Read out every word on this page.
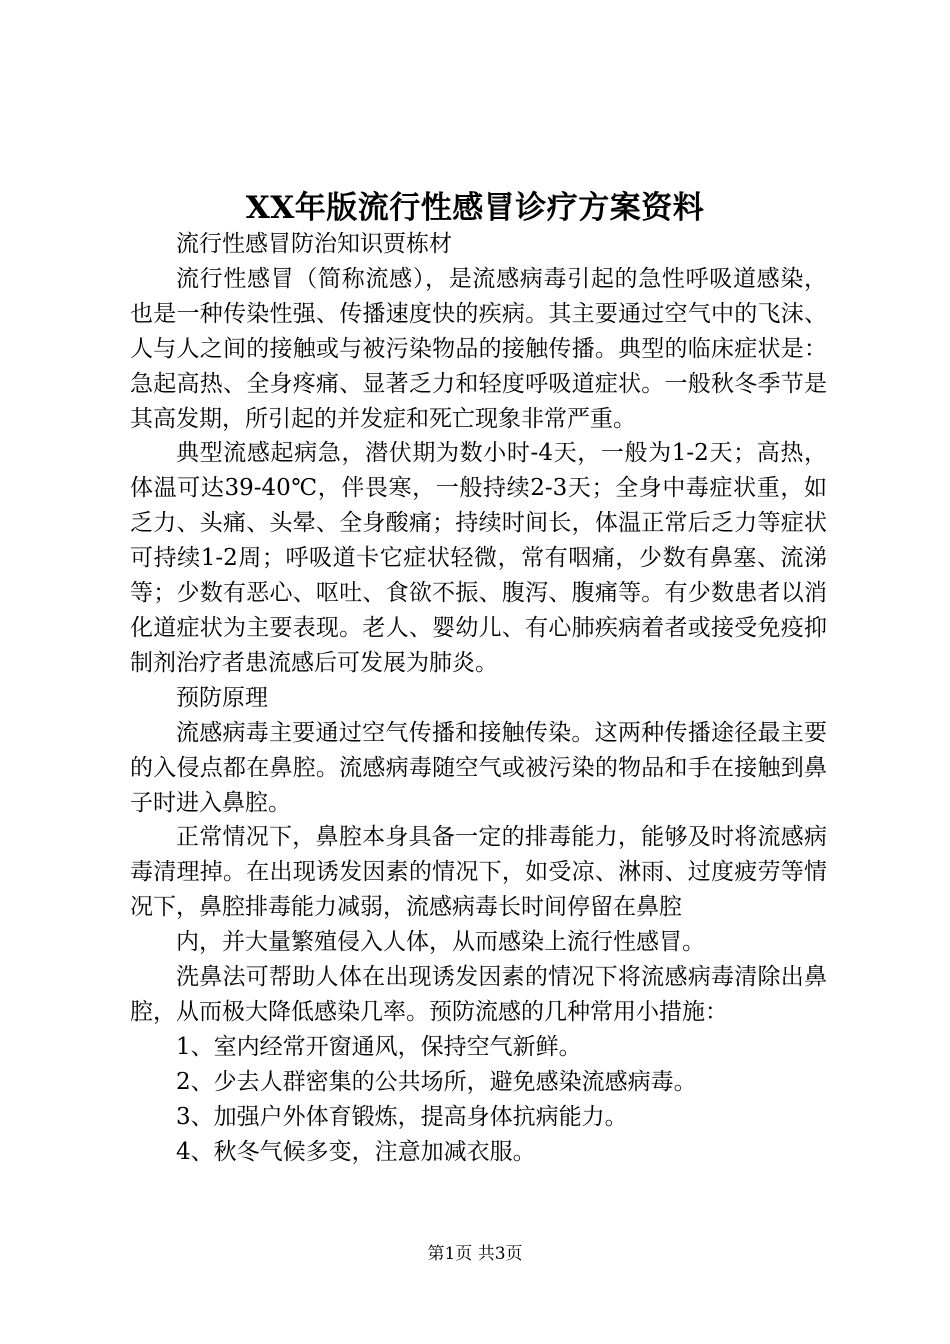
XX年版流行性感冒诊疗方案资料

流行性感冒防治知识贾栋材

流行性感冒（简称流感），是流感病毒引起的急性呼吸道感染，也是一种传染性强、传播速度快的疾病。其主要通过空气中的飞沫、人与人之间的接触或与被污染物品的接触传播。典型的临床症状是：急起高热、全身疼痛、显著乏力和轻度呼吸道症状。一般秋冬季节是其高发期，所引起的并发症和死亡现象非常严重。

典型流感起病急，潜伏期为数小时-4天，一般为1-2天；高热，体温可达39-40℃，伴畏寒，一般持续2-3天；全身中毒症状重，如乏力、头痛、头晕、全身酸痛；持续时间长，体温正常后乏力等症状可持续1-2周；呼吸道卡它症状轻微，常有咽痛，少数有鼻塞、流涕等；少数有恶心、呕吐、食欲不振、腹泻、腹痛等。有少数患者以消化道症状为主要表现。老人、婴幼儿、有心肺疾病着者或接受免疫抑制剂治疗者患流感后可发展为肺炎。

预防原理

流感病毒主要通过空气传播和接触传染。这两种传播途径最主要的入侵点都在鼻腔。流感病毒随空气或被污染的物品和手在接触到鼻子时进入鼻腔。

正常情况下，鼻腔本身具备一定的排毒能力，能够及时将流感病毒清理掉。在出现诱发因素的情况下，如受凉、淋雨、过度疲劳等情况下，鼻腔排毒能力减弱，流感病毒长时间停留在鼻腔

内，并大量繁殖侵入人体，从而感染上流行性感冒。

洗鼻法可帮助人体在出现诱发因素的情况下将流感病毒清除出鼻腔，从而极大降低感染几率。预防流感的几种常用小措施：

1、室内经常开窗通风，保持空气新鲜。

2、少去人群密集的公共场所，避免感染流感病毒。

3、加强户外体育锻炼，提高身体抗病能力。

4、秋冬气候多变，注意加减衣服。

第1页 共3页
